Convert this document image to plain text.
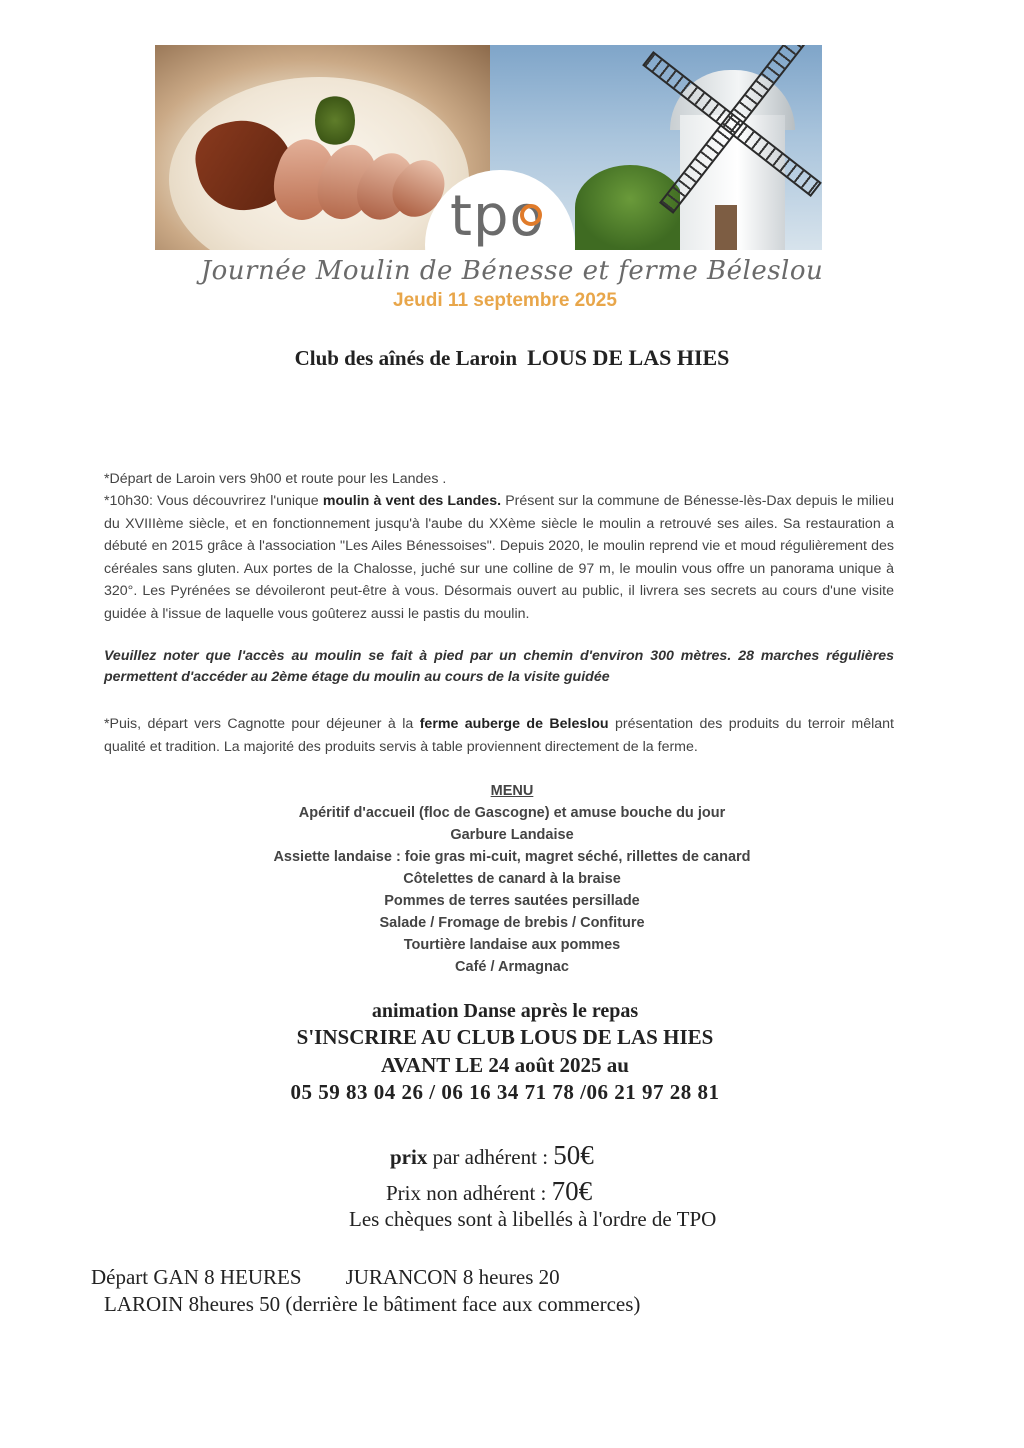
tpo
Journée Moulin de Bénesse et ferme Béleslou
Jeudi 11 septembre 2025
Club des aînés de Laroin LOUS DE LAS HIES
*Départ de Laroin vers 9h00 et route pour les Landes .
*10h30: Vous découvrirez l'unique moulin à vent des Landes. Présent sur la commune de Bénesse-lès-Dax depuis le milieu du XVIIIème siècle, et en fonctionnement jusqu'à l'aube du XXème siècle le moulin a retrouvé ses ailes. Sa restauration a débuté en 2015 grâce à l'association "Les Ailes Bénessoises". Depuis 2020, le moulin reprend vie et moud régulièrement des céréales sans gluten. Aux portes de la Chalosse, juché sur une colline de 97 m, le moulin vous offre un panorama unique à 320°. Les Pyrénées se dévoileront peut-être à vous. Désormais ouvert au public, il livrera ses secrets au cours d'une visite guidée à l'issue de laquelle vous goûterez aussi le pastis du moulin.
Veuillez noter que l'accès au moulin se fait à pied par un chemin d'environ 300 mètres. 28 marches régulières permettent d'accéder au 2ème étage du moulin au cours de la visite guidée
*Puis, départ vers Cagnotte pour déjeuner à la ferme auberge de Beleslou présentation des produits du terroir mêlant qualité et tradition. La majorité des produits servis à table proviennent directement de la ferme.
MENU
Apéritif d'accueil (floc de Gascogne) et amuse bouche du jour
Garbure Landaise
Assiette landaise : foie gras mi-cuit, magret séché, rillettes de canard
Côtelettes de canard à la braise
Pommes de terres sautées persillade
Salade / Fromage de brebis / Confiture
Tourtière landaise aux pommes
Café / Armagnac
animation Danse après le repas
S'INSCRIRE AU CLUB LOUS DE LAS HIES
AVANT LE 24 août 2025 au
05 59 83 04 26 / 06 16 34 71 78 /06 21 97 28 81
prix par adhérent : 50€
Prix non adhérent : 70€
Les chèques sont à libellés à l'ordre de TPO
Départ GAN 8 HEURES JURANCON 8 heures 20
LAROIN 8heures 50 (derrière le bâtiment face aux commerces)
